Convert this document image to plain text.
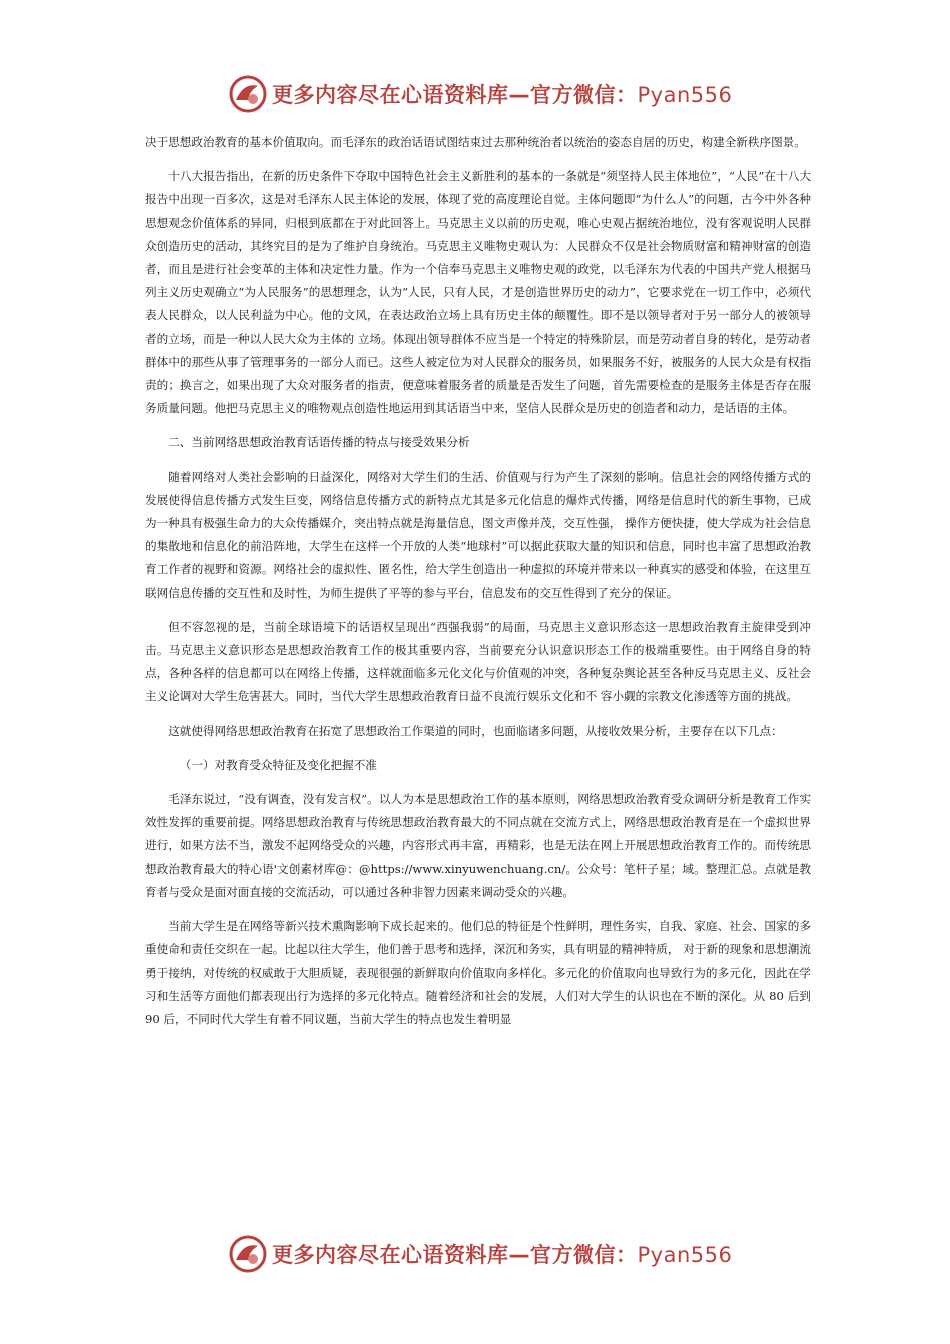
更多内容尽在心语资料库—官方微信：Pyan556

决于思想政治教育的基本价值取向。而毛泽东的政治话语试图结束过去那种统治者以统治的姿态自居的历史，构建全新秩序图景。

十八大报告指出，在新的历史条件下夺取中国特色社会主义新胜利的基本的一条就是“须坚持人民主体地位”，“人民”在十八大报告中出现一百多次，这是对毛泽东人民主体论的发展，体现了党的高度理论自觉。主体问题即“为什么人”的问题，古今中外各种思想观念价值体系的异同，归根到底都在于对此回答上。马克思主义以前的历史观，唯心史观占据统治地位，没有客观说明人民群众创造历史的活动，其终究目的是为了维护自身统治。马克思主义唯物史观认为：人民群众不仅是社会物质财富和精神财富的创造者，而且是进行社会变革的主体和决定性力量。作为一个信奉马克思主义唯物史观的政党，以毛泽东为代表的中国共产党人根据马列主义历史观确立“为人民服务”的思想理念，认为“人民，只有人民，才是创造世界历史的动力”，它要求党在一切工作中，必须代表人民群众，以人民利益为中心。他的文风，在表达政治立场上具有历史主体的颠覆性。即不是以领导者对于另一部分人的被领导者的立场，而是一种以人民大众为主体的 立场。体现出领导群体不应当是一个特定的特殊阶层，而是劳动者自身的转化，是劳动者群体中的那些从事了管理事务的一部分人而已。这些人被定位为对人民群众的服务员，如果服务不好，被服务的人民大众是有权指责的；换言之，如果出现了大众对服务者的指责，便意味着服务者的质量是否发生了问题，首先需要检查的是服务主体是否存在服务质量问题。他把马克思主义的唯物观点创造性地运用到其话语当中来，坚信人民群众是历史的创造者和动力，是话语的主体。

二、当前网络思想政治教育话语传播的特点与接受效果分析

随着网络对人类社会影响的日益深化，网络对大学生们的生活、价值观与行为产生了深刻的影响。信息社会的网络传播方式的发展使得信息传播方式发生巨变，网络信息传播方式的新特点尤其是多元化信息的爆炸式传播，网络是信息时代的新生事物，已成为一种具有极强生命力的大众传播媒介，突出特点就是海量信息，图文声像并茂，交互性强， 操作方便快捷，使大学成为社会信息的集散地和信息化的前沿阵地，大学生在这样一个开放的人类“地球村”可以据此获取大量的知识和信息，同时也丰富了思想政治教育工作者的视野和资源。网络社会的虚拟性、匿名性，给大学生创造出一种虚拟的环境并带来以一种真实的感受和体验，在这里互联网信息传播的交互性和及时性，为师生提供了平等的参与平台，信息发布的交互性得到了充分的保证。

但不容忽视的是，当前全球语境下的话语权呈现出“西强我弱”的局面，马克思主义意识形态这一思想政治教育主旋律受到冲击。马克思主义意识形态是思想政治教育工作的极其重要内容，当前要充分认识意识形态工作的极端重要性。由于网络自身的特点，各种各样的信息都可以在网络上传播，这样就面临多元化文化与价值观的冲突，各种复杂舆论甚至各种反马克思主义、反社会主义论调对大学生危害甚大。同时，当代大学生思想政治教育日益不良流行娱乐文化和不 容小觑的宗教文化渗透等方面的挑战。

这就使得网络思想政治教育在拓宽了思想政治工作渠道的同时，也面临诸多问题，从接收效果分析，主要存在以下几点：

（一）对教育受众特征及变化把握不准

毛泽东说过，“没有调查，没有发言权”。以人为本是思想政治工作的基本原则，网络思想政治教育受众调研分析是教育工作实效性发挥的重要前提。网络思想政治教育与传统思想政治教育最大的不同点就在交流方式上，网络思想政治教育是在一个虚拟世界进行，如果方法不当，激发不起网络受众的兴趣，内容形式再丰富，再精彩，也是无法在网上开展思想政治教育工作的。而传统思想政治教育最大的特心语'文创素材库@：@https://www.xinyuwenchuang.cn/。公众号：笔杆子星；域。整理汇总。点就是教育者与受众是面对面直接的交流活动，可以通过各种非智力因素来调动受众的兴趣。

当前大学生是在网络等新兴技术熏陶影响下成长起来的。他们总的特征是个性鲜明，理性务实，自我、家庭、社会、国家的多重使命和责任交织在一起。比起以往大学生，他们善于思考和选择，深沉和务实，具有明显的精神特质， 对于新的现象和思想潮流勇于接纳，对传统的权威敢于大胆质疑，表现很强的新鲜取向价值取向多样化。多元化的价值取向也导致行为的多元化，因此在学习和生活等方面他们都表现出行为选择的多元化特点。随着经济和社会的发展，人们对大学生的认识也在不断的深化。从 80 后到 90 后，不同时代大学生有着不同议题，当前大学生的特点也发生着明显

更多内容尽在心语资料库—官方微信：Pyan556
